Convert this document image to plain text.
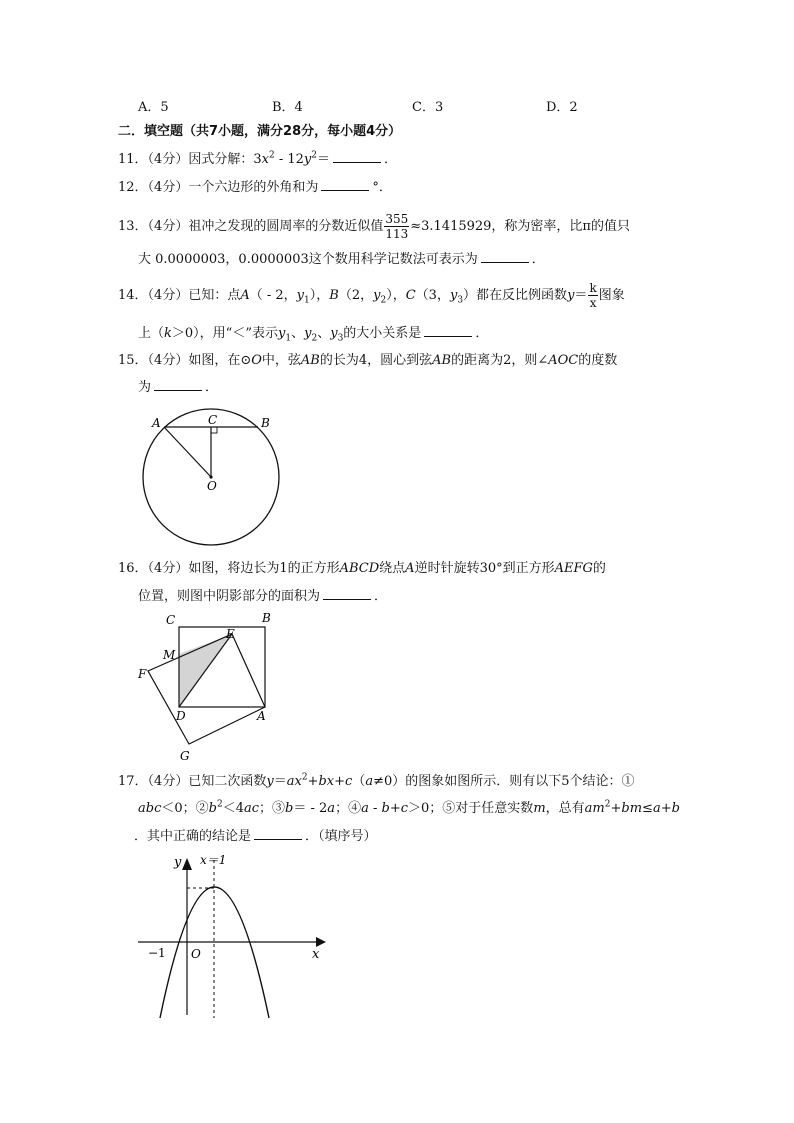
A．5	B．4	C．3	D．2
二．填空题（共7小题，满分28分，每小题4分）
11．（4分）因式分解：$3x^2 - 12y^2=$	．
12．（4分）一个六边形的外角和为	°．
13．（4分）祖冲之发现的圆周率的分数近似值 $\frac{355}{113} \approx 3.1415929$，称为密率，比π的值只
大 0.0000003，0.0000003这个数用科学记数法可表示为	．
14．（4分）已知：点A（ - 2，$y_1$），B（2，$y_2$），C（3，$y_3$）都在反比例函数$y= \frac{k}{x}$ 图象
上（k＞0），用“＜”表示$y_1$、$y_2$、$y_3$的大小关系是	．
15．（4分）如图，在⊙O中，弦AB的长为4，圆心到弦AB的距离为2，则∠AOC的度数
为	．
A	C	B
O
16．（4分）如图，将边长为1的正方形ABCD绕点A逆时针旋转30°到正方形AEFG的
位置，则图中阴影部分的面积为	．
C	B
E
M
F
D	A
G
17．（4分）已知二次函数$y=ax^2+bx+c(a\ne 0)$的图象如图所示．则有以下5个结论：①
abc＜0；$②b^2<4ac$；③b＝ - 2a；④a - b+c＞0；⑤对于任意实数m，总有$am^2+bm\le a+b$
．其中正确的结论是	．（填序号）
y x＝1
−1 O	x
